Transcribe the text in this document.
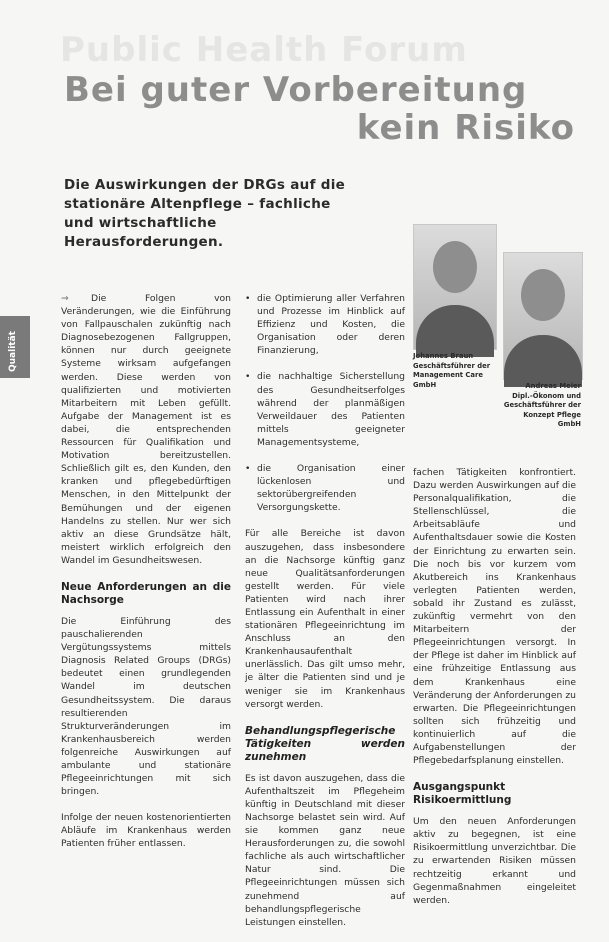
Public Health Forum
Bei guter Vorbereitung
kein Risiko
Die Auswirkungen der DRGs auf die stationäre Altenpflege – fachliche und wirtschaftliche Herausforderungen.
Qualität

→ Die Folgen von Veränderungen, wie die Einführung von Fallpauschalen zukünftig nach Diagnosebezogenen Fallgruppen, können nur durch geeignete Systeme wirksam aufgefangen werden. Diese werden von qualifizierten und motivierten Mitarbeitern mit Leben gefüllt. Aufgabe der Management ist es dabei, die entsprechenden Ressourcen für Qualifikation und Motivation bereitzustellen. Schließlich gilt es, den Kunden, den kranken und pflegebedürftigen Menschen, in den Mittelpunkt der Bemühungen und der eigenen Handelns zu stellen. Nur wer sich aktiv an diese Grundsätze hält, meistert wirklich erfolgreich den Wandel im Gesundheitswesen.

Neue Anforderungen an die Nachsorge

Die Einführung des pauschalierenden Vergütungssystems mittels Diagnosis Related Groups (DRGs) bedeutet einen grundlegenden Wandel im deutschen Gesundheitssystem. Die daraus resultierenden Strukturveränderungen im Krankenhausbereich werden folgenreiche Auswirkungen auf ambulante und stationäre Pflegeeinrichtungen mit sich bringen.

Infolge der neuen kostenorientierten Abläufe im Krankenhaus werden Patienten früher entlassen.

• die Optimierung aller Verfahren und Prozesse im Hinblick auf Effizienz und Kosten, die Organisation oder deren Finanzierung,
• die nachhaltige Sicherstellung des Gesundheitserfolges während der planmäßigen Verweildauer des Patienten mittels geeigneter Managementsysteme,
• die Organisation einer lückenlosen und sektorübergreifenden Versorgungskette.

Für alle Bereiche ist davon auszugehen, dass insbesondere an die Nachsorge künftig ganz neue Qualitätsanforderungen gestellt werden. Für viele Patienten wird nach ihrer Entlassung ein Aufenthalt in einer stationären Pflegeeinrichtung im Anschluss an den Krankenhausaufenthalt unerlässlich. Das gilt umso mehr, je älter die Patienten sind und je weniger sie im Krankenhaus versorgt werden.

Behandlungspflegerische Tätigkeiten werden zunehmen

Es ist davon auszugehen, dass die Aufenthaltszeit im Pflegeheim künftig in Deutschland mit dieser Nachsorge belastet sein wird. Auf sie kommen ganz neue Herausforderungen zu, die sowohl fachliche als auch wirtschaftlicher Natur sind. Die Pflegeeinrichtungen müssen sich zunehmend auf behandlungspflegerische Leistungen einstellen.

Johannes Braun
Geschäftsführer der
Management Care GmbH	Andreas Meier
Dipl.-Ökonom und
Geschäftsführer der
Konzept Pflege GmbH

fachen Tätigkeiten konfrontiert. Dazu werden Auswirkungen auf die Personalqualifikation, die Stellenschlüssel, die Arbeitsabläufe und Aufenthaltsdauer sowie die Kosten der Einrichtung zu erwarten sein. Die noch bis vor kurzem vom Akutbereich ins Krankenhaus verlegten Patienten werden, sobald ihr Zustand es zulässt, zukünftig vermehrt von den Mitarbeitern der Pflegeeinrichtungen versorgt. In der Pflege ist daher im Hinblick auf eine frühzeitige Entlassung aus dem Krankenhaus eine Veränderung der Anforderungen zu erwarten. Die Pflegeeinrichtungen sollten sich frühzeitig und kontinuierlich auf die Aufgabenstellungen der Pflegebedarfsplanung einstellen.

Ausgangspunkt Risikoermittlung

Um den neuen Anforderungen aktiv zu begegnen, ist eine Risikoermittlung unverzichtbar. Die zu erwartenden Risiken müssen rechtzeitig erkannt und Gegenmaßnahmen eingeleitet werden.
